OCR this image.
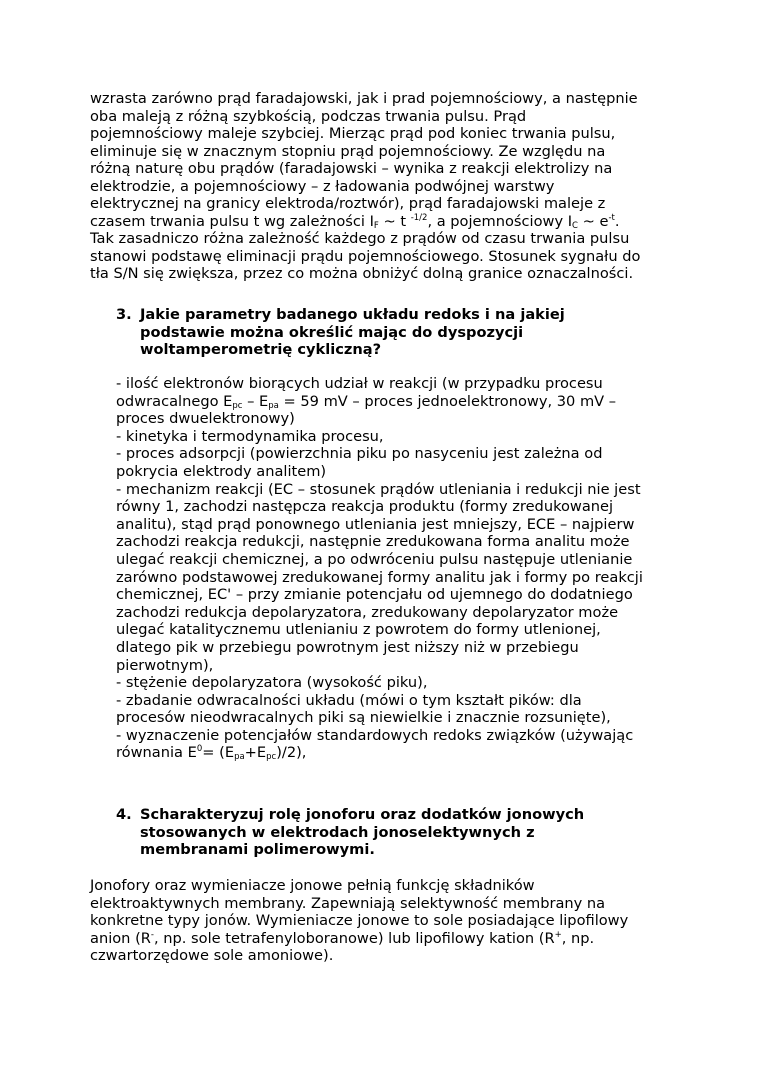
wzrasta zarówno prąd faradajowski, jak i prad pojemnościowy, a następnie
oba maleją z różną szybkością, podczas trwania pulsu. Prąd
pojemnościowy maleje szybciej. Mierząc prąd pod koniec trwania pulsu,
eliminuje się w znacznym stopniu prąd pojemnościowy. Ze względu na
różną naturę obu prądów (faradajowski – wynika z reakcji elektrolizy na
elektrodzie, a pojemnościowy – z ładowania podwójnej warstwy
elektrycznej na granicy elektroda/roztwór), prąd faradajowski maleje z
czasem trwania pulsu t wg zależności $I_F$ ~ t $^{-1/2}$, a pojemnościowy $I_C$ ~ $e^{-t}$.
Tak zasadniczo różna zależność każdego z prądów od czasu trwania pulsu
stanowi podstawę eliminacji prądu pojemnościowego. Stosunek sygnału do
tła S/N się zwiększa, przez co można obniżyć dolną granice oznaczalności.
3. Jakie parametry badanego układu redoks i na jakiej
podstawie można określić mając do dyspozycji
woltamperometrię cykliczną?
- ilość elektronów biorących udział w reakcji (w przypadku procesu
odwracalnego $E_{pc} - E_{pa} = 59$ mV – proces jednoelektronowy, 30 mV –
proces dwuelektronowy)
- kinetyka i termodynamika procesu,
- proces adsorpcji (powierzchnia piku po nasyceniu jest zależna od
pokrycia elektrody analitem)
- mechanizm reakcji (EC – stosunek prądów utleniania i redukcji nie jest
równy 1, zachodzi następcza reakcja produktu (formy zredukowanej
analitu), stąd prąd ponownego utleniania jest mniejszy, ECE – najpierw
zachodzi reakcja redukcji, następnie zredukowana forma analitu może
ulegać reakcji chemicznej, a po odwróceniu pulsu następuje utlenianie
zarówno podstawowej zredukowanej formy analitu jak i formy po reakcji
chemicznej, EC' – przy zmianie potencjału od ujemnego do dodatniego
zachodzi redukcja depolaryzatora, zredukowany depolaryzator może
ulegać katalitycznemu utlenianiu z powrotem do formy utlenionej,
dlatego pik w przebiegu powrotnym jest niższy niż w przebiegu
pierwotnym),
- stężenie depolaryzatora (wysokość piku),
- zbadanie odwracalności układu (mówi o tym kształt pików: dla
procesów nieodwracalnych piki są niewielkie i znacznie rozsunięte),
- wyznaczenie potencjałów standardowych redoks związków (używając
równania $E^0= (E_{pa}+E_{pc})/2$),
4. Scharakteryzuj rolę jonoforu oraz dodatków jonowych
stosowanych w elektrodach jonoselektywnych z
membranami polimerowymi.
Jonofory oraz wymieniacze jonowe pełnią funkcję składników
elektroaktywnych membrany. Zapewniają selektywność membrany na
konkretne typy jonów. Wymieniacze jonowe to sole posiadające lipofilowy
anion (R-, np. sole tetrafenyloboranowe) lub lipofilowy kation (R+, np.
czwartorzędowe sole amoniowe).
